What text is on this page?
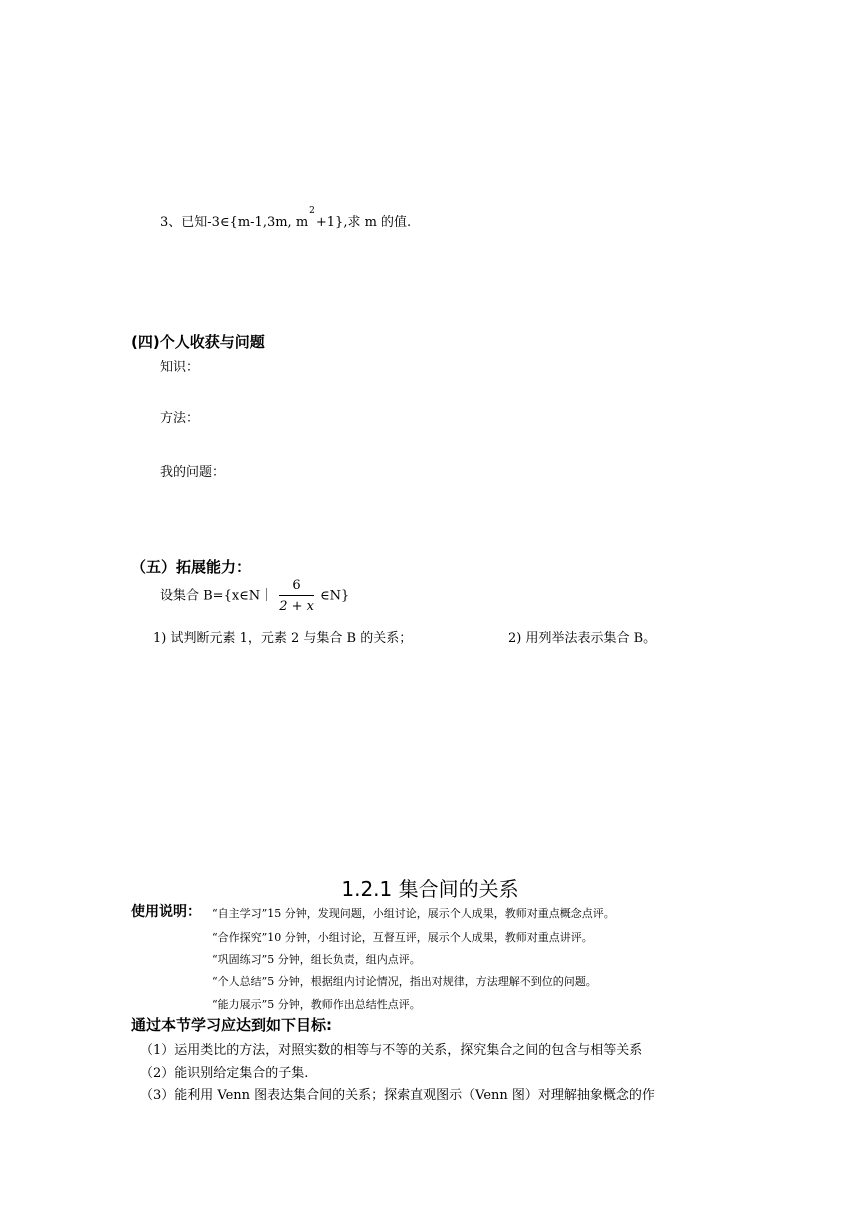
3、已知-3∈{m-1,3m, $m^2+1$},求 m 的值.
(四)个人收获与问题
知识：
方法：
我的问题：
（五）拓展能力：
设集合 B={x∈N｜ $\frac{6}{2 + x}$ ∈N}
1) 试判断元素 1，元素 2 与集合 B 的关系；	2) 用列举法表示集合 B。
1.2.1 集合间的关系
使用说明： “自主学习”15 分钟，发现问题，小组讨论，展示个人成果，教师对重点概念点评。
“合作探究”10 分钟，小组讨论，互督互评，展示个人成果，教师对重点讲评。
“巩固练习”5 分钟，组长负责，组内点评。
“个人总结”5 分钟，根据组内讨论情况，指出对规律，方法理解不到位的问题。
“能力展示”5 分钟，教师作出总结性点评。
通过本节学习应达到如下目标:
（1）运用类比的方法，对照实数的相等与不等的关系，探究集合之间的包含与相等关系
（2）能识别给定集合的子集.
（3）能利用 Venn 图表达集合间的关系；探索直观图示（Venn 图）对理解抽象概念的作
